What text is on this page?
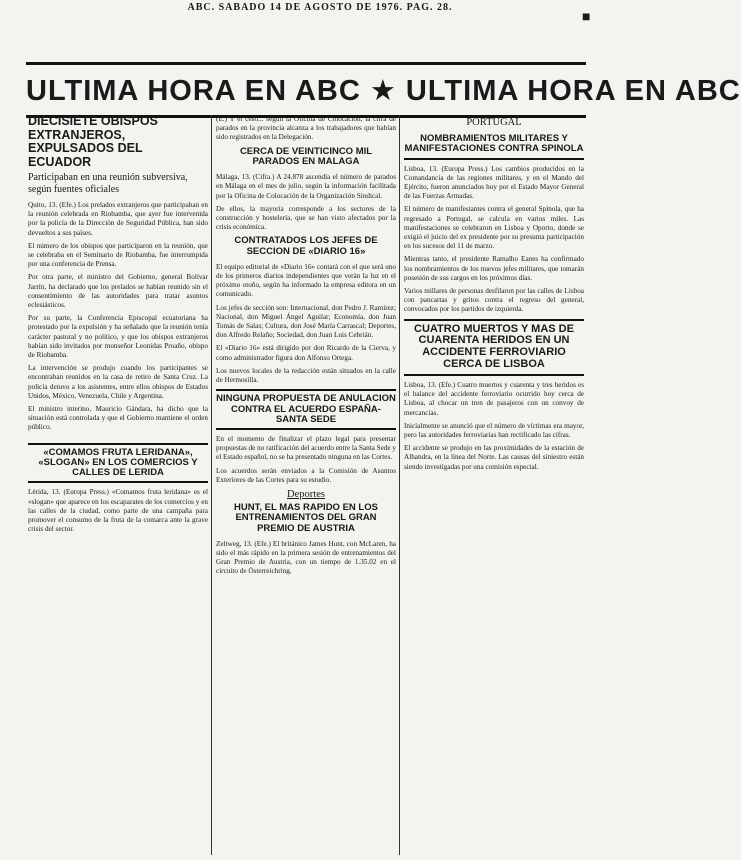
ABC. SABADO 14 DE AGOSTO DE 1976. PAG. 28.
■
ULTIMA HORA EN ABC ★ ULTIMA HORA EN ABC
DIECISIETE OBISPOS EXTRANJEROS, EXPULSADOS DEL ECUADOR
Participaban en una reunión subversiva, según fuentes oficiales

Quito, 13. (Efe.) Los prelados extranjeros que participaban en la reunión celebrada en Riobamba, que ayer fue intervenida por la policía de la Dirección de Seguridad Pública, han sido devueltos a sus países.

El número de los obispos que participaron en la reunión, que se celebraba en el Seminario de Riobamba, fue interrumpida por una conferencia de Prensa.

Por otra parte, el ministro del Gobierno, general Bolívar Jarrín, ha declarado que los prelados se habían reunido sin el consentimiento de las autoridades para tratar asuntos eclesiásticos.

Por su parte, la Conferencia Episcopal ecuatoriana ha protestado por la expulsión y ha señalado que la reunión tenía carácter pastoral y no político, y que los obispos extranjeros habían sido invitados por monseñor Leonidas Proaño, obispo de Riobamba.

La intervención se produjo cuando los participantes se encontraban reunidos en la casa de retiro de Santa Cruz. La policía detuvo a los asistentes, entre ellos obispos de Estados Unidos, México, Venezuela, Chile y Argentina.

El ministro interino, Mauricio Gándara, ha dicho que la situación está controlada y que el Gobierno mantiene el orden público.

«COMAMOS FRUTA LERIDANA», «SLOGAN» EN LOS COMERCIOS Y CALLES DE LERIDA

Lérida, 13. (Europa Press.) «Comamos fruta leridana» es el «slogan» que aparece en los escaparates de los comercios y en las calles de la ciudad, como parte de una campaña para promover el consumo de la fruta de la comarca ante la grave crisis del sector.

(E.) Y el ceso... según la Oficina de Colocación, la cifra de parados en la provincia alcanza a los trabajadores que habían sido registrados en la Delegación.

CERCA DE VEINTICINCO MIL PARADOS EN MALAGA

Málaga, 13. (Cifra.) A 24.878 ascendía el número de parados en Málaga en el mes de julio, según la información facilitada por la Oficina de Colocación de la Organización Sindical.

De ellos, la mayoría corresponde a los sectores de la construcción y hostelería, que se han visto afectados por la crisis económica.

CONTRATADOS LOS JEFES DE SECCION DE «DIARIO 16»

El equipo editorial de «Diario 16» contará con el que será uno de los primeros diarios independientes que verán la luz en el próximo otoño, según ha informado la empresa editora en un comunicado.

Los jefes de sección son: Internacional, don Pedro J. Ramírez; Nacional, don Miguel Ángel Aguilar; Economía, don Juan Tomás de Salas; Cultura, don José María Carrascal; Deportes, don Alfredo Relaño; Sociedad, don Juan Luis Cebrián.

El «Diario 16» está dirigido por don Ricardo de la Cierva, y como administrador figura don Alfonso Ortega.

Los nuevos locales de la redacción están situados en la calle de Hermosilla.

NINGUNA PROPUESTA DE ANULACION CONTRA EL ACUERDO ESPAÑA-SANTA SEDE

En el momento de finalizar el plazo legal para presentar propuestas de no ratificación del acuerdo entre la Santa Sede y el Estado español, no se ha presentado ninguna en las Cortes.

Los acuerdos serán enviados a la Comisión de Asuntos Exteriores de las Cortes para su estudio.

Deportes
HUNT, EL MAS RAPIDO EN LOS ENTRENAMIENTOS DEL GRAN PREMIO DE AUSTRIA

Zeltweg, 13. (Efe.) El británico James Hunt, con McLaren, ha sido el más rápido en la primera sesión de entrenamientos del Gran Premio de Austria, con un tiempo de 1.35.02 en el circuito de Österreichring.

PORTUGAL
NOMBRAMIENTOS MILITARES Y MANIFESTACIONES CONTRA SPINOLA

Lisboa, 13. (Europa Press.) Los cambios producidos en la Comandancia de las regiones militares, y en el Mando del Ejército, fueron anunciados hoy por el Estado Mayor General de las Fuerzas Armadas.

El número de manifestantes contra el general Spínola, que ha regresado a Portugal, se calcula en varios miles. Las manifestaciones se celebraron en Lisboa y Oporto, donde se exigió el juicio del ex presidente por su presunta participación en los sucesos del 11 de marzo.

Mientras tanto, el presidente Ramalho Eanes ha confirmado los nombramientos de los nuevos jefes militares, que tomarán posesión de sus cargos en los próximos días.

Varios millares de personas desfilaron por las calles de Lisboa con pancartas y gritos contra el regreso del general, convocados por los partidos de izquierda.

CUATRO MUERTOS Y MAS DE CUARENTA HERIDOS EN UN ACCIDENTE FERROVIARIO CERCA DE LISBOA

Lisboa, 13. (Efe.) Cuatro muertos y cuarenta y tres heridos es el balance del accidente ferroviario ocurrido hoy cerca de Lisboa, al chocar un tren de pasajeros con un convoy de mercancías.

Inicialmente se anunció que el número de víctimas era mayor, pero las autoridades ferroviarias han rectificado las cifras.

El accidente se produjo en las proximidades de la estación de Alhandra, en la línea del Norte. Las causas del siniestro están siendo investigadas por una comisión especial.
